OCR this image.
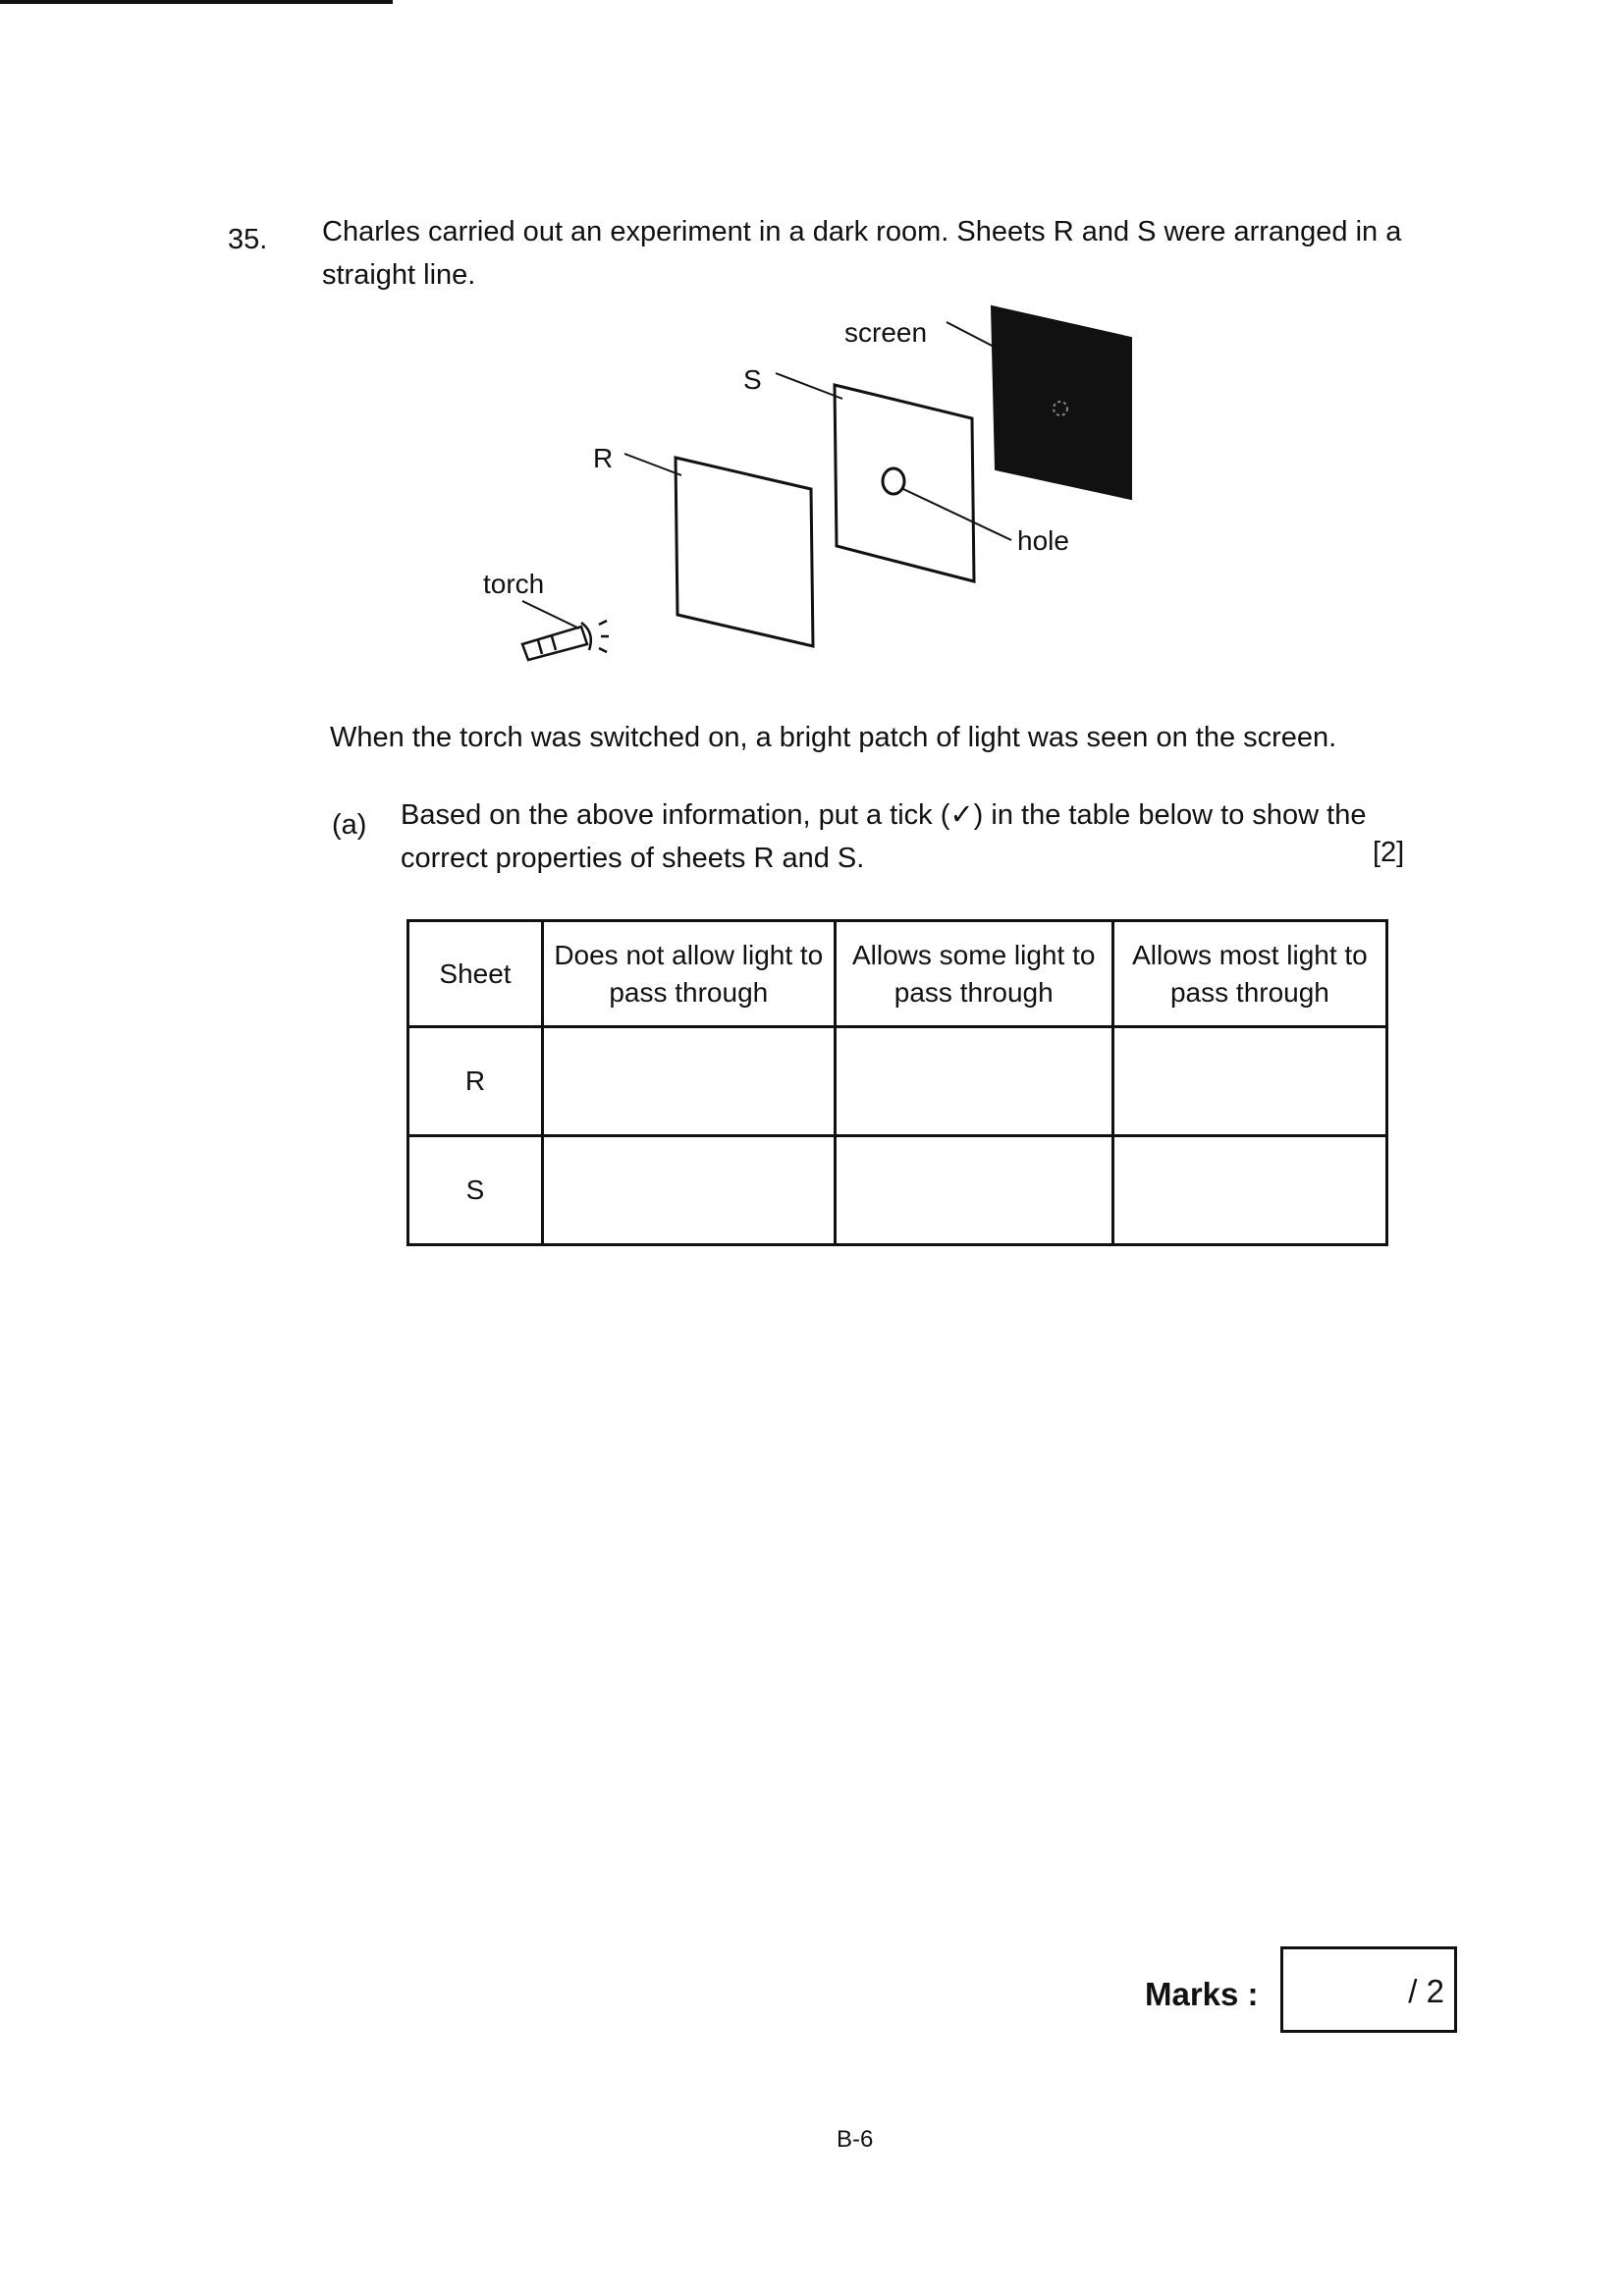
35. Charles carried out an experiment in a dark room. Sheets R and S were arranged in a straight line.
screen
S
R
hole
torch
When the torch was switched on, a bright patch of light was seen on the screen.
(a) Based on the above information, put a tick (✓) in the table below to show the correct properties of sheets R and S.	[2]
Sheet	Does not allow light to pass through	Allows some light to pass through	Allows most light to pass through
R			
S			
Marks :	/ 2
B-6
